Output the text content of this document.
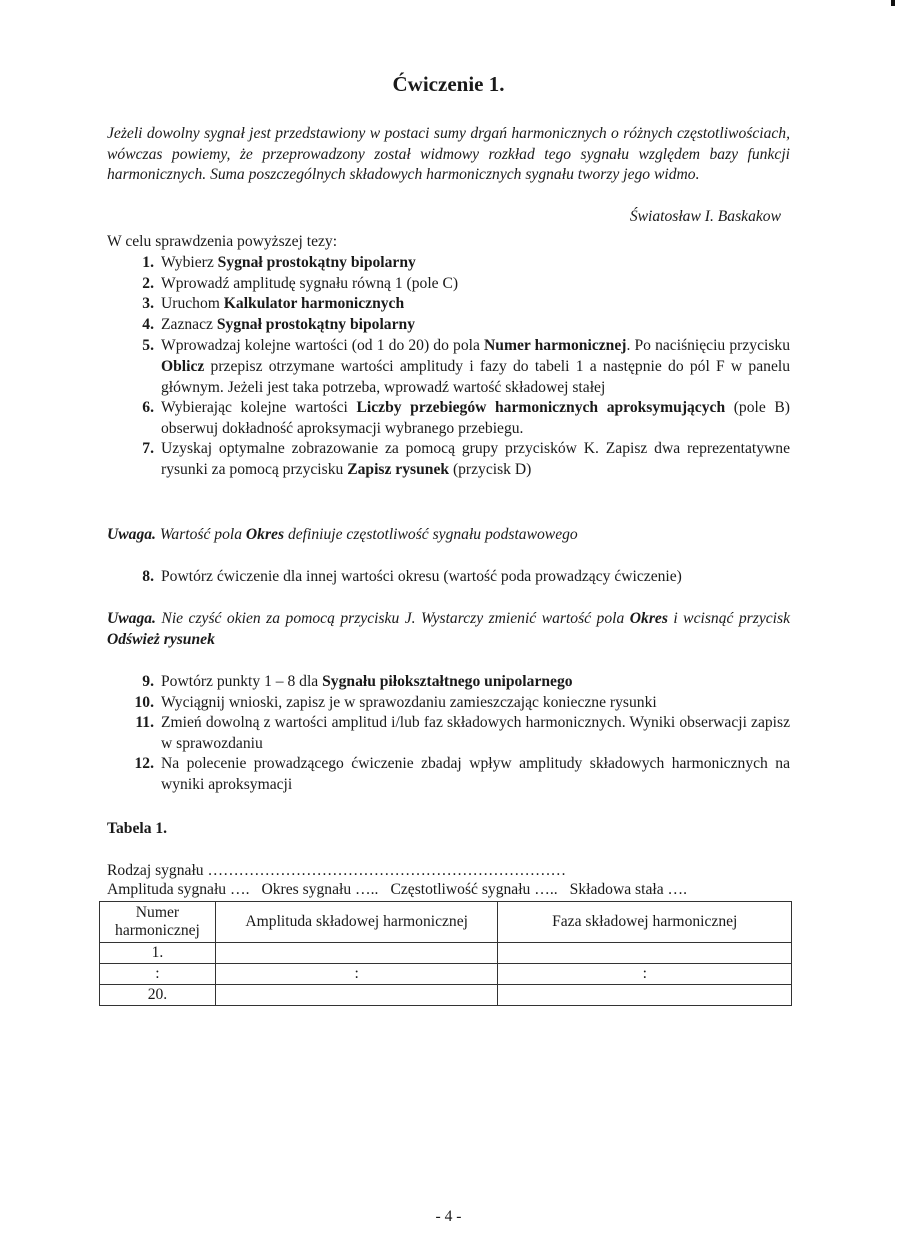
Ćwiczenie 1.

Jeżeli dowolny sygnał jest przedstawiony w postaci sumy drgań harmonicznych o różnych częstotliwościach, wówczas powiemy, że przeprowadzony został widmowy rozkład tego sygnału względem bazy funkcji harmonicznych. Suma poszczególnych składowych harmonicznych sygnału tworzy jego widmo.

Światosław I. Baskakow

W celu sprawdzenia powyższej tezy:

1. Wybierz Sygnał prostokątny bipolarny
2. Wprowadź amplitudę sygnału równą 1 (pole C)
3. Uruchom Kalkulator harmonicznych
4. Zaznacz Sygnał prostokątny bipolarny
5. Wprowadzaj kolejne wartości (od 1 do 20) do pola Numer harmonicznej. Po naciśnięciu przycisku Oblicz przepisz otrzymane wartości amplitudy i fazy do tabeli 1 a następnie do pól F w panelu głównym. Jeżeli jest taka potrzeba, wprowadź wartość składowej stałej
6. Wybierając kolejne wartości Liczby przebiegów harmonicznych aproksymujących (pole B) obserwuj dokładność aproksymacji wybranego przebiegu.
7. Uzyskaj optymalne zobrazowanie za pomocą grupy przycisków K. Zapisz dwa reprezentatywne rysunki za pomocą przycisku Zapisz rysunek (przycisk D)

Uwaga. Wartość pola Okres definiuje częstotliwość sygnału podstawowego

8. Powtórz ćwiczenie dla innej wartości okresu (wartość poda prowadzący ćwiczenie)

Uwaga. Nie czyść okien za pomocą przycisku J. Wystarczy zmienić wartość pola Okres i wcisnąć przycisk Odśwież rysunek

9. Powtórz punkty 1 – 8 dla Sygnału piłokształtnego unipolarnego
10. Wyciągnij wnioski, zapisz je w sprawozdaniu zamieszczając konieczne rysunki
11. Zmień dowolną z wartości amplitud i/lub faz składowych harmonicznych. Wyniki obserwacji zapisz w sprawozdaniu
12. Na polecenie prowadzącego ćwiczenie zbadaj wpływ amplitudy składowych harmonicznych na wyniki aproksymacji

Tabela 1.

Rodzaj sygnału ……………………………………………………………

Amplituda sygnału …. Okres sygnału ….. Częstotliwość sygnału ….. Składowa stała ….

Numer harmonicznej	Amplituda składowej harmonicznej	Faza składowej harmonicznej
1.		
:	:	:
20.		

- 4 -
